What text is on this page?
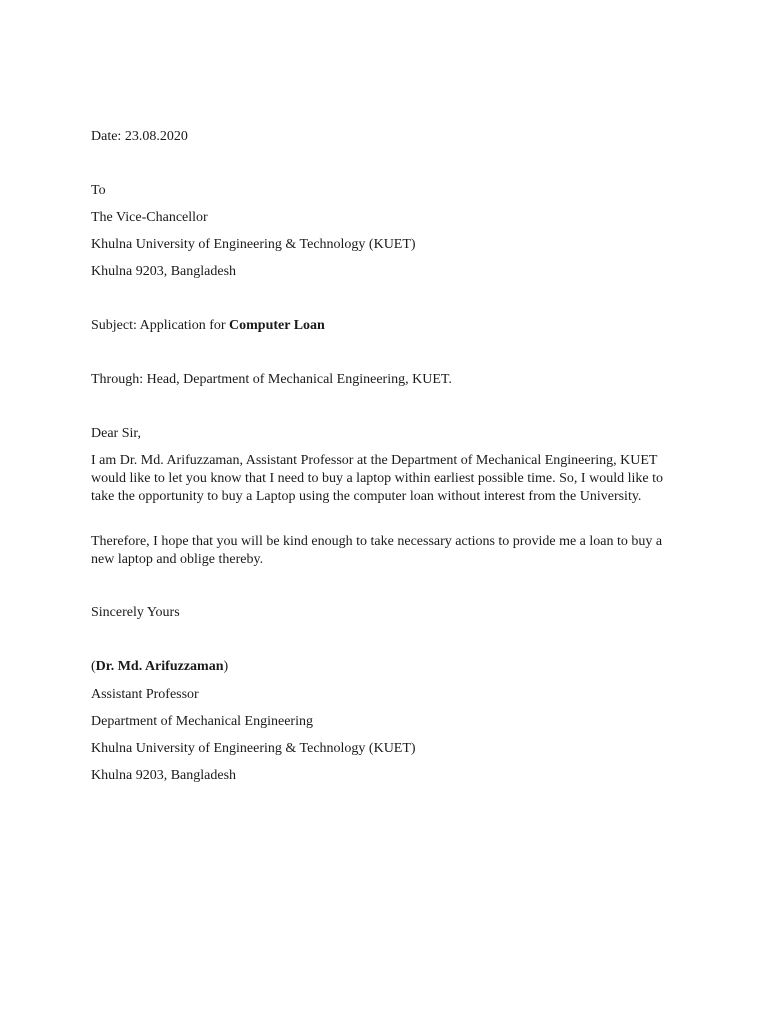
Date: 23.08.2020

To

The Vice-Chancellor

Khulna University of Engineering & Technology (KUET)

Khulna 9203, Bangladesh

Subject: Application for Computer Loan

Through: Head, Department of Mechanical Engineering, KUET.

Dear Sir,

I am Dr. Md. Arifuzzaman, Assistant Professor at the Department of Mechanical Engineering, KUET would like to let you know that I need to buy a laptop within earliest possible time. So, I would like to take the opportunity to buy a Laptop using the computer loan without interest from the University.

Therefore, I hope that you will be kind enough to take necessary actions to provide me a loan to buy a new laptop and oblige thereby.

Sincerely Yours

(Dr. Md. Arifuzzaman)

Assistant Professor

Department of Mechanical Engineering

Khulna University of Engineering & Technology (KUET)

Khulna 9203, Bangladesh
